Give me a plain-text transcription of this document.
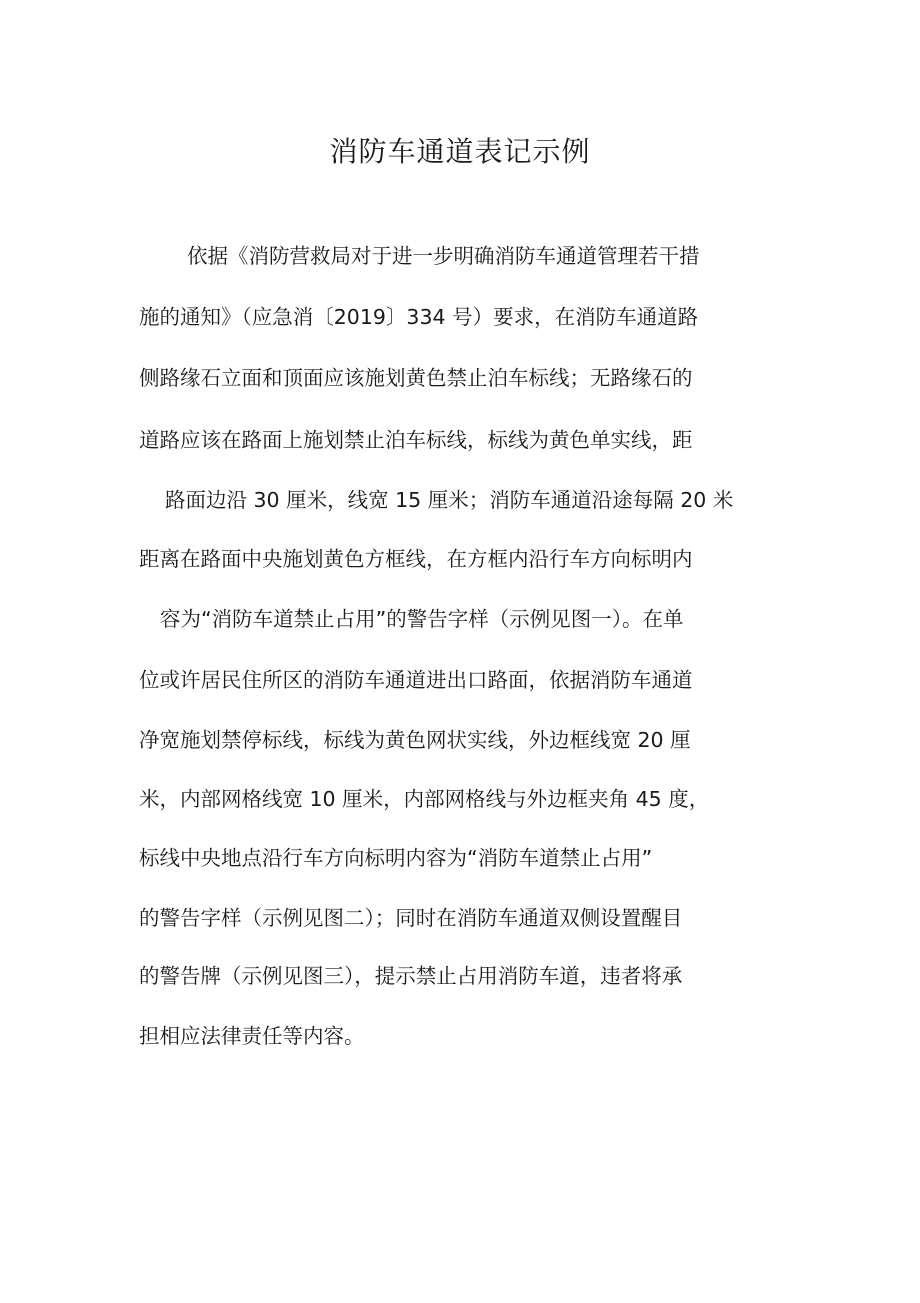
消防车通道表记示例
依据《消防营救局对于进一步明确消防车通道管理若干措
施的通知》（应急消〔2019〕334 号）要求，在消防车通道路
侧路缘石立面和顶面应该施划黄色禁止泊车标线；无路缘石的
道路应该在路面上施划禁止泊车标线，标线为黄色单实线，距
路面边沿 30 厘米，线宽 15 厘米；消防车通道沿途每隔 20 米
距离在路面中央施划黄色方框线，在方框内沿行车方向标明内
容为“消防车道禁止占用”的警告字样（示例见图一）。在单
位或许居民住所区的消防车通道进出口路面，依据消防车通道
净宽施划禁停标线，标线为黄色网状实线，外边框线宽 20 厘
米，内部网格线宽 10 厘米，内部网格线与外边框夹角 45 度，
标线中央地点沿行车方向标明内容为“消防车道禁止占用”
的警告字样（示例见图二）；同时在消防车通道双侧设置醒目
的警告牌（示例见图三），提示禁止占用消防车道，违者将承
担相应法律责任等内容。
